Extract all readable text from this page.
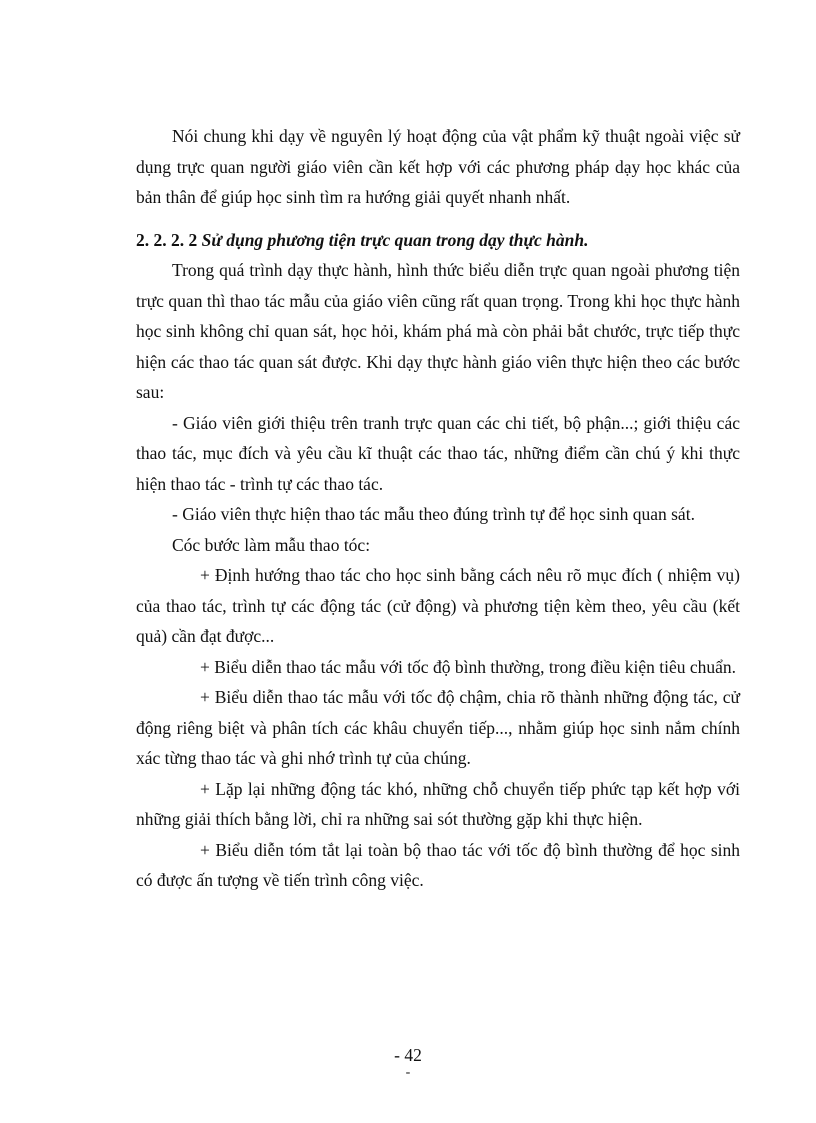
Nói chung khi dạy về nguyên lý hoạt động của vật phẩm kỹ thuật ngoài việc sử dụng trực quan người giáo viên cần kết hợp với các phương pháp dạy học khác của bản thân để giúp học sinh tìm ra hướng giải quyết nhanh nhất.

2. 2. 2. 2 Sử dụng phương tiện trực quan trong dạy thực hành.

Trong quá trình dạy thực hành, hình thức biểu diễn trực quan ngoài phương tiện trực quan thì thao tác mẫu của giáo viên cũng rất quan trọng. Trong khi học thực hành học sinh không chỉ quan sát, học hỏi, khám phá mà còn phải bắt chước, trực tiếp thực hiện các thao tác quan sát được. Khi dạy thực hành giáo viên thực hiện theo các bước sau:

- Giáo viên giới thiệu trên tranh trực quan các chi tiết, bộ phận...; giới thiệu các thao tác, mục đích và yêu cầu kĩ thuật các thao tác, những điểm cần chú ý khi thực hiện thao tác - trình tự các thao tác.

- Giáo viên thực hiện thao tác mẫu theo đúng trình tự để học sinh quan sát.

Cóc bước làm mẫu thao tóc:

+ Định hướng thao tác cho học sinh bằng cách nêu rõ mục đích ( nhiệm vụ) của thao tác, trình tự các động tác (cử động) và phương tiện kèm theo, yêu cầu (kết quả) cần đạt được...

+ Biểu diễn thao tác mẫu với tốc độ bình thường, trong điều kiện tiêu chuẩn.

+ Biểu diễn thao tác mẫu với tốc độ chậm, chia rõ thành những động tác, cử động riêng biệt và phân tích các khâu chuyển tiếp..., nhằm giúp học sinh nắm chính xác từng thao tác và ghi nhớ trình tự của chúng.

+ Lặp lại những động tác khó, những chỗ chuyển tiếp phức tạp kết hợp với những giải thích bằng lời, chỉ ra những sai sót thường gặp khi thực hiện.

+ Biểu diễn tóm tắt lại toàn bộ thao tác với tốc độ bình thường để học sinh có được ấn tượng về tiến trình công việc.

- 42
-
